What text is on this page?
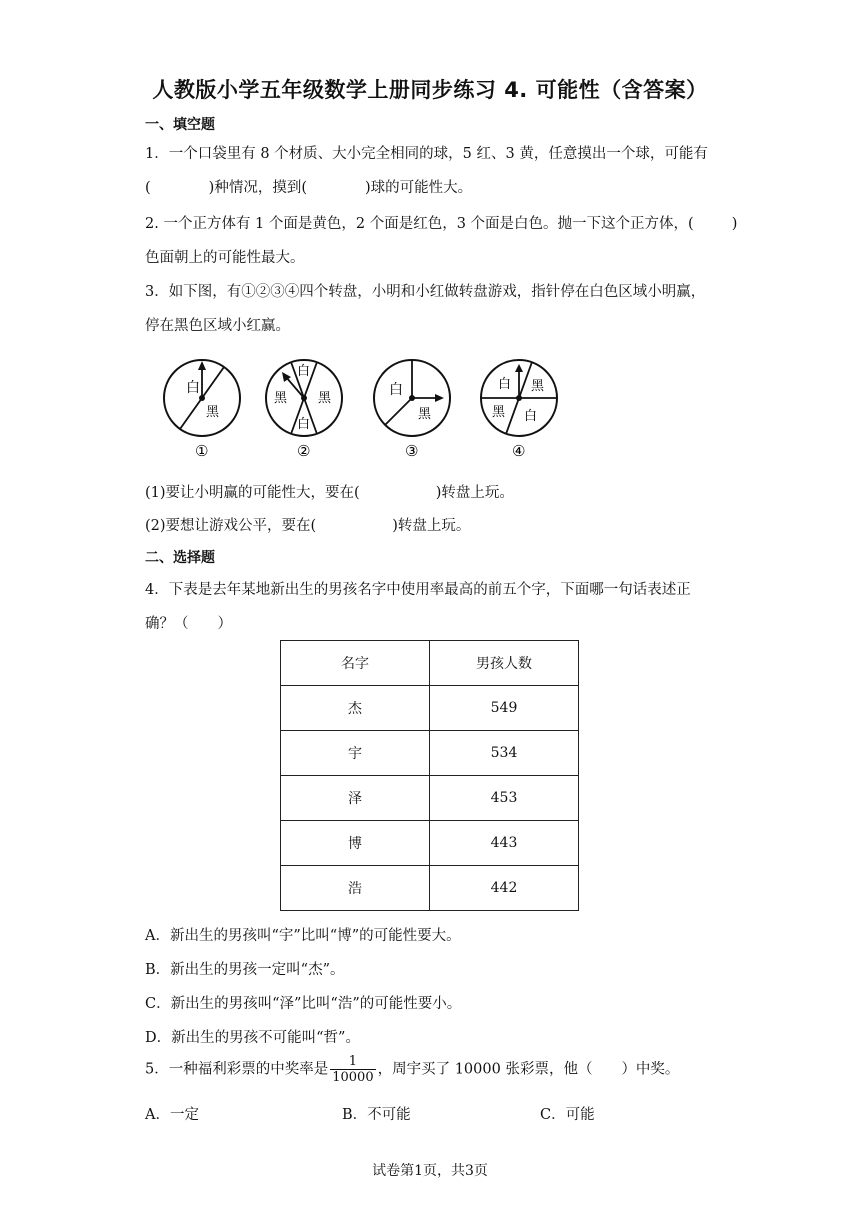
人教版小学五年级数学上册同步练习 4. 可能性（含答案）
一、填空题
1．一个口袋里有 8 个材质、大小完全相同的球，5 红、3 黄，任意摸出一个球，可能有
(	)种情况，摸到(	)球的可能性大。
2. 一个正方体有 1 个面是黄色，2 个面是红色，3 个面是白色。抛一下这个正方体，(	)
色面朝上的可能性最大。
3．如下图，有①②③④四个转盘，小明和小红做转盘游戏，指针停在白色区域小明赢，
停在黑色区域小红赢。
白
黑
①
白
黑 黑
白
②
白
黑
③
白 黑
黑 白
④
(1)要让小明赢的可能性大，要在(	)转盘上玩。
(2)要想让游戏公平，要在(	)转盘上玩。
二、选择题
4．下表是去年某地新出生的男孩名字中使用率最高的前五个字，下面哪一句话表述正
确？（　　）
名字	男孩人数
杰	549
宇	534
泽	453
博	443
浩	442
A．新出生的男孩叫“宇”比叫“博”的可能性要大。
B．新出生的男孩一定叫“杰”。
C．新出生的男孩叫“泽”比叫“浩”的可能性要小。
D．新出生的男孩不可能叫“哲”。
5．一种福利彩票的中奖率是 $\frac{1}{10000}$ ，周宇买了 10000 张彩票，他（　　）中奖。
A．一定	B．不可能	C．可能
试卷第1页，共3页
